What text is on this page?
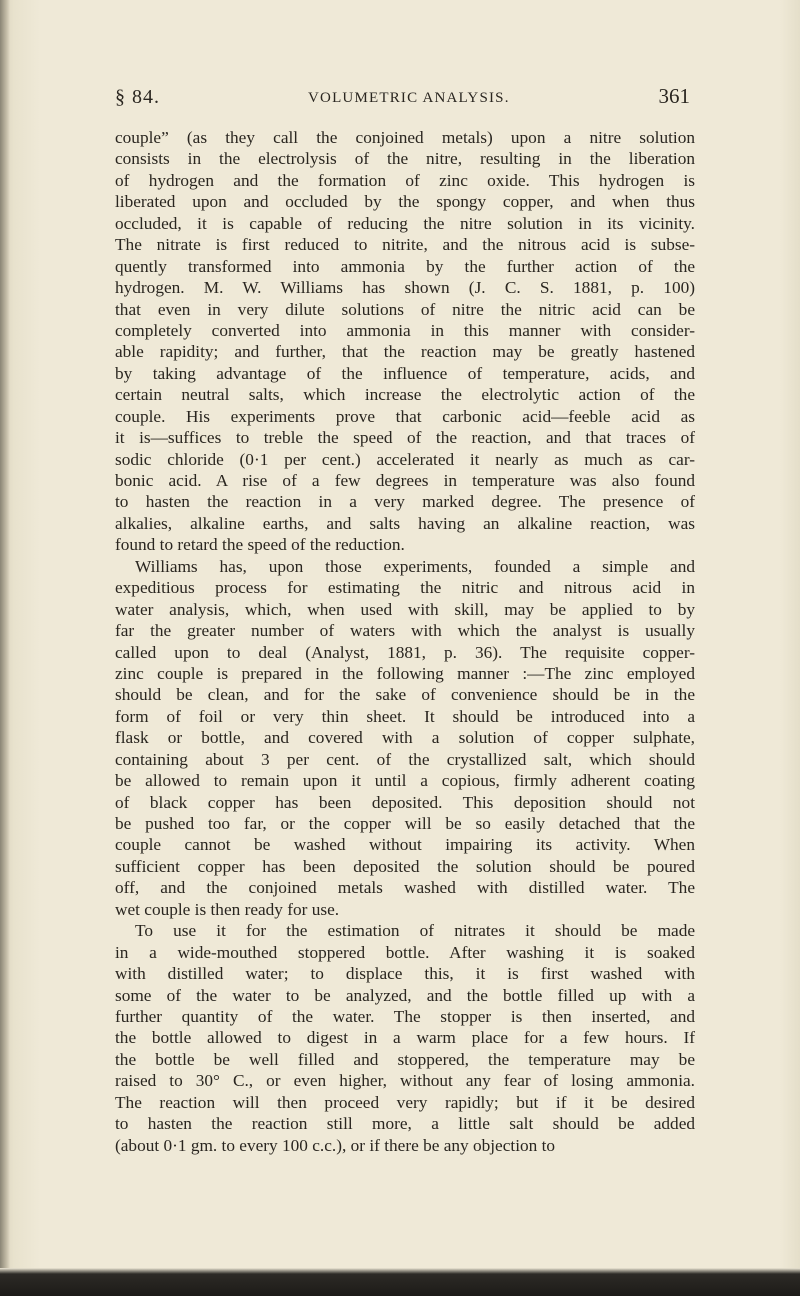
§ 84.	VOLUMETRIC ANALYSIS.	361
couple” (as they call the conjoined metals) upon a nitre solution
consists in the electrolysis of the nitre, resulting in the liberation
of hydrogen and the formation of zinc oxide. This hydrogen is
liberated upon and occluded by the spongy copper, and when thus
occluded, it is capable of reducing the nitre solution in its vicinity.
The nitrate is first reduced to nitrite, and the nitrous acid is subse-
quently transformed into ammonia by the further action of the
hydrogen. M. W. Williams has shown (J. C. S. 1881, p. 100)
that even in very dilute solutions of nitre the nitric acid can be
completely converted into ammonia in this manner with consider-
able rapidity; and further, that the reaction may be greatly hastened
by taking advantage of the influence of temperature, acids, and
certain neutral salts, which increase the electrolytic action of the
couple. His experiments prove that carbonic acid—feeble acid as
it is—suffices to treble the speed of the reaction, and that traces of
sodic chloride (0·1 per cent.) accelerated it nearly as much as car-
bonic acid. A rise of a few degrees in temperature was also found
to hasten the reaction in a very marked degree. The presence of
alkalies, alkaline earths, and salts having an alkaline reaction, was
found to retard the speed of the reduction.
Williams has, upon those experiments, founded a simple and
expeditious process for estimating the nitric and nitrous acid in
water analysis, which, when used with skill, may be applied to by
far the greater number of waters with which the analyst is usually
called upon to deal (Analyst, 1881, p. 36). The requisite copper-
zinc couple is prepared in the following manner :—The zinc employed
should be clean, and for the sake of convenience should be in the
form of foil or very thin sheet. It should be introduced into a
flask or bottle, and covered with a solution of copper sulphate,
containing about 3 per cent. of the crystallized salt, which should
be allowed to remain upon it until a copious, firmly adherent coating
of black copper has been deposited. This deposition should not
be pushed too far, or the copper will be so easily detached that the
couple cannot be washed without impairing its activity. When
sufficient copper has been deposited the solution should be poured
off, and the conjoined metals washed with distilled water. The
wet couple is then ready for use.
To use it for the estimation of nitrates it should be made
in a wide-mouthed stoppered bottle. After washing it is soaked
with distilled water; to displace this, it is first washed with
some of the water to be analyzed, and the bottle filled up with a
further quantity of the water. The stopper is then inserted, and
the bottle allowed to digest in a warm place for a few hours. If
the bottle be well filled and stoppered, the temperature may be
raised to 30° C., or even higher, without any fear of losing ammonia.
The reaction will then proceed very rapidly; but if it be desired
to hasten the reaction still more, a little salt should be added
(about 0·1 gm. to every 100 c.c.), or if there be any objection to
